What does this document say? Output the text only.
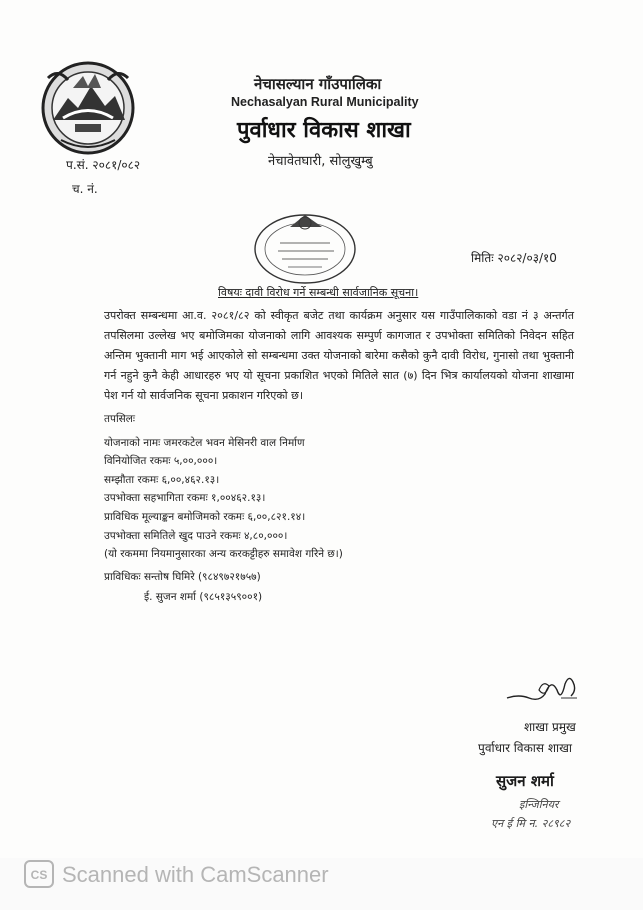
नेचासल्यान गाँउपालिका
Nechasalyan Rural Municipality
पुर्वाधार विकास शाखा
नेचावेतघारी, सोलुखुम्बु
प.सं. २०८१/०८२
च. नं.
मितिः २०८२/०३/१0
विषयः दावी विरोध गर्ने सम्बन्धी सार्वजानिक सूचना।
उपरोक्त सम्बन्धमा आ.व. २०८१/८२ को स्वीकृत बजेट तथा कार्यक्रम अनुसार यस गाउँपालिकाको वडा नं ३ अन्तर्गत तपसिलमा उल्लेख भए बमोजिमका योजनाको लागि आवश्यक सम्पुर्ण कागजात र उपभोक्ता समितिको निवेदन सहित अन्तिम भुक्तानी माग भई आएकोले सो सम्बन्धमा उक्त योजनाको बारेमा कसैको कुनै दावी विरोध, गुनासो तथा भुक्तानी गर्न नहुने कुनै केही आधारहरु भए यो सूचना प्रकाशित भएको मितिले सात (७) दिन भित्र कार्यालयको योजना शाखामा पेश गर्न यो सार्वजनिक सूचना प्रकाशन गरिएको छ।
तपसिलः
योजनाको नामः जमरकटेल भवन मेसिनरी वाल निर्माण
विनियोजित रकमः ५,००,०००।
सम्झौता रकमः ६,००,४६२.१३।
उपभोक्ता सहभागिता रकमः १,००४६२.१३।
प्राविधिक मूल्याङ्कन बमोजिमको रकमः ६,००,८२१.१४।
उपभोक्ता समितिले खुद पाउने रकमः ४,८०,०००।
(यो रकममा नियमानुसारका अन्य करकट्टीहरु समावेश गरिने छ।)
प्राविधिकः सन्तोष घिमिरे (९८४९७२१७५७)
ई. सुजन शर्मा (९८५१३५९००१)
शाखा प्रमुख
पुर्वाधार विकास शाखा
सुजन शर्मा
इन्जिनियर
एन ई मि न. २८९८२
CS Scanned with CamScanner
